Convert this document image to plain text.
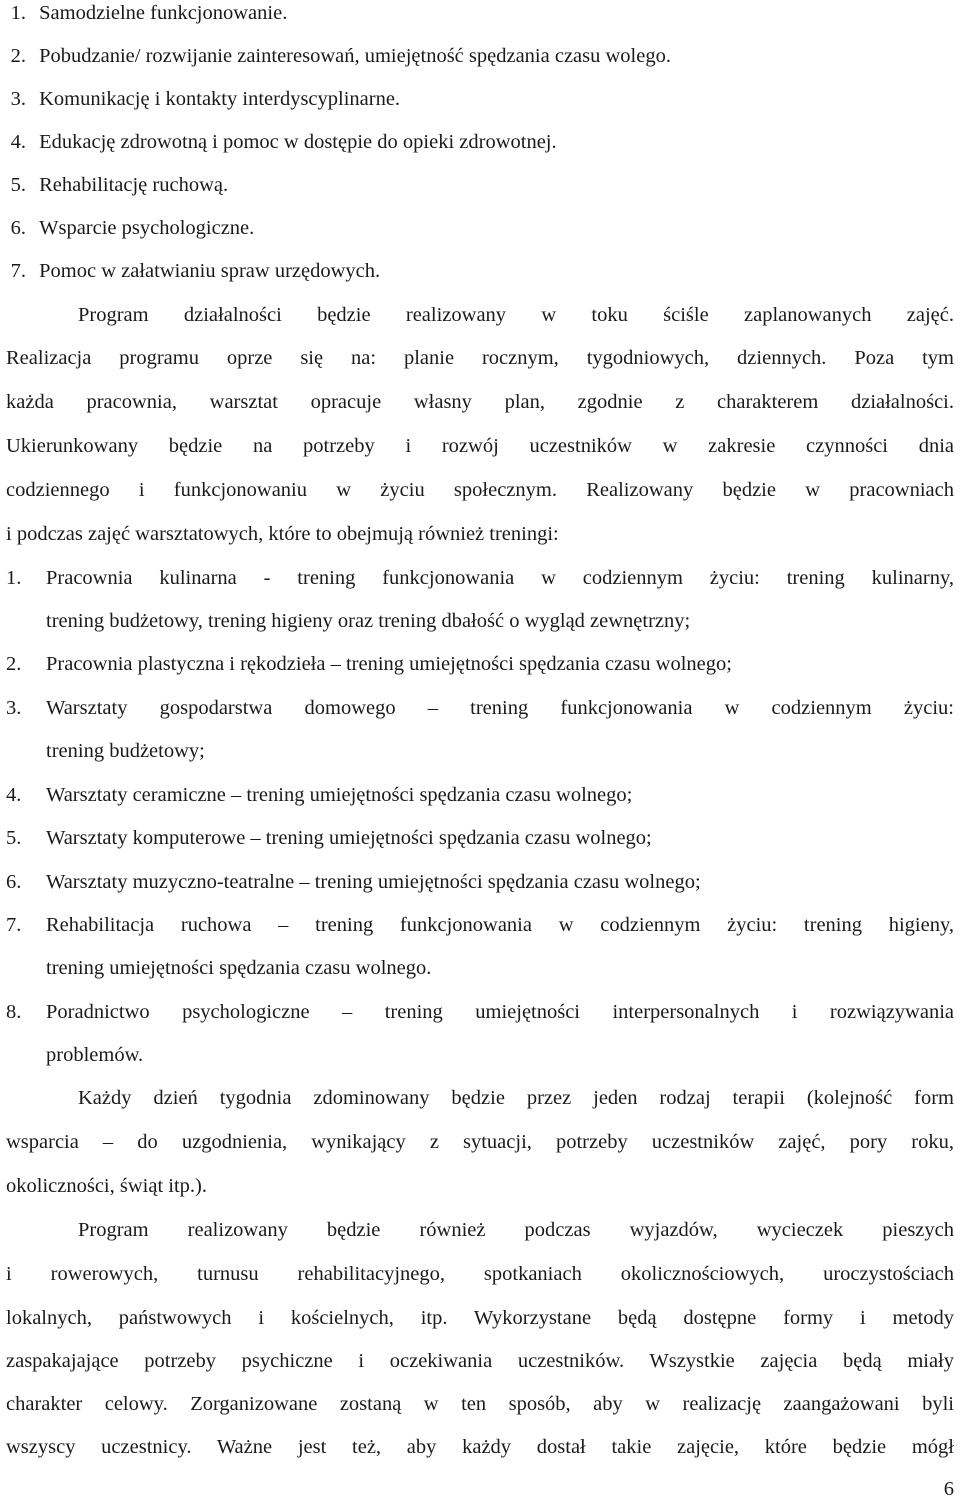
1. Samodzielne funkcjonowanie.
2. Pobudzanie/ rozwijanie zainteresowań, umiejętność spędzania czasu wolego.
3. Komunikację i kontakty interdyscyplinarne.
4. Edukację zdrowotną i pomoc w dostępie do opieki zdrowotnej.
5. Rehabilitację ruchową.
6. Wsparcie psychologiczne.
7. Pomoc w załatwianiu spraw urzędowych.
Program działalności będzie realizowany w toku ściśle zaplanowanych zajęć.
Realizacja programu oprze się na: planie rocznym, tygodniowych, dziennych. Poza tym
każda pracownia, warsztat opracuje własny plan, zgodnie z charakterem działalności.
Ukierunkowany będzie na potrzeby i rozwój uczestników w zakresie czynności dnia
codziennego i funkcjonowaniu w życiu społecznym. Realizowany będzie w pracowniach
i podczas zajęć warsztatowych, które to obejmują również treningi:
1. Pracownia kulinarna - trening funkcjonowania w codziennym życiu: trening kulinarny,
trening budżetowy, trening higieny oraz trening dbałość o wygląd zewnętrzny;
2. Pracownia plastyczna i rękodzieła – trening umiejętności spędzania czasu wolnego;
3. Warsztaty gospodarstwa domowego – trening funkcjonowania w codziennym życiu:
trening budżetowy;
4. Warsztaty ceramiczne – trening umiejętności spędzania czasu wolnego;
5. Warsztaty komputerowe – trening umiejętności spędzania czasu wolnego;
6. Warsztaty muzyczno-teatralne – trening umiejętności spędzania czasu wolnego;
7. Rehabilitacja ruchowa – trening funkcjonowania w codziennym życiu: trening higieny,
trening umiejętności spędzania czasu wolnego.
8. Poradnictwo psychologiczne – trening umiejętności interpersonalnych i rozwiązywania
problemów.
Każdy dzień tygodnia zdominowany będzie przez jeden rodzaj terapii (kolejność form
wsparcia – do uzgodnienia, wynikający z sytuacji, potrzeby uczestników zajęć, pory roku,
okoliczności, świąt itp.).
Program realizowany będzie również podczas wyjazdów, wycieczek pieszych
i rowerowych, turnusu rehabilitacyjnego, spotkaniach okolicznościowych, uroczystościach
lokalnych, państwowych i kościelnych, itp. Wykorzystane będą dostępne formy i metody
zaspakajające potrzeby psychiczne i oczekiwania uczestników. Wszystkie zajęcia będą miały
charakter celowy. Zorganizowane zostaną w ten sposób, aby w realizację zaangażowani byli
wszyscy uczestnicy. Ważne jest też, aby każdy dostał takie zajęcie, które będzie mógł
6
